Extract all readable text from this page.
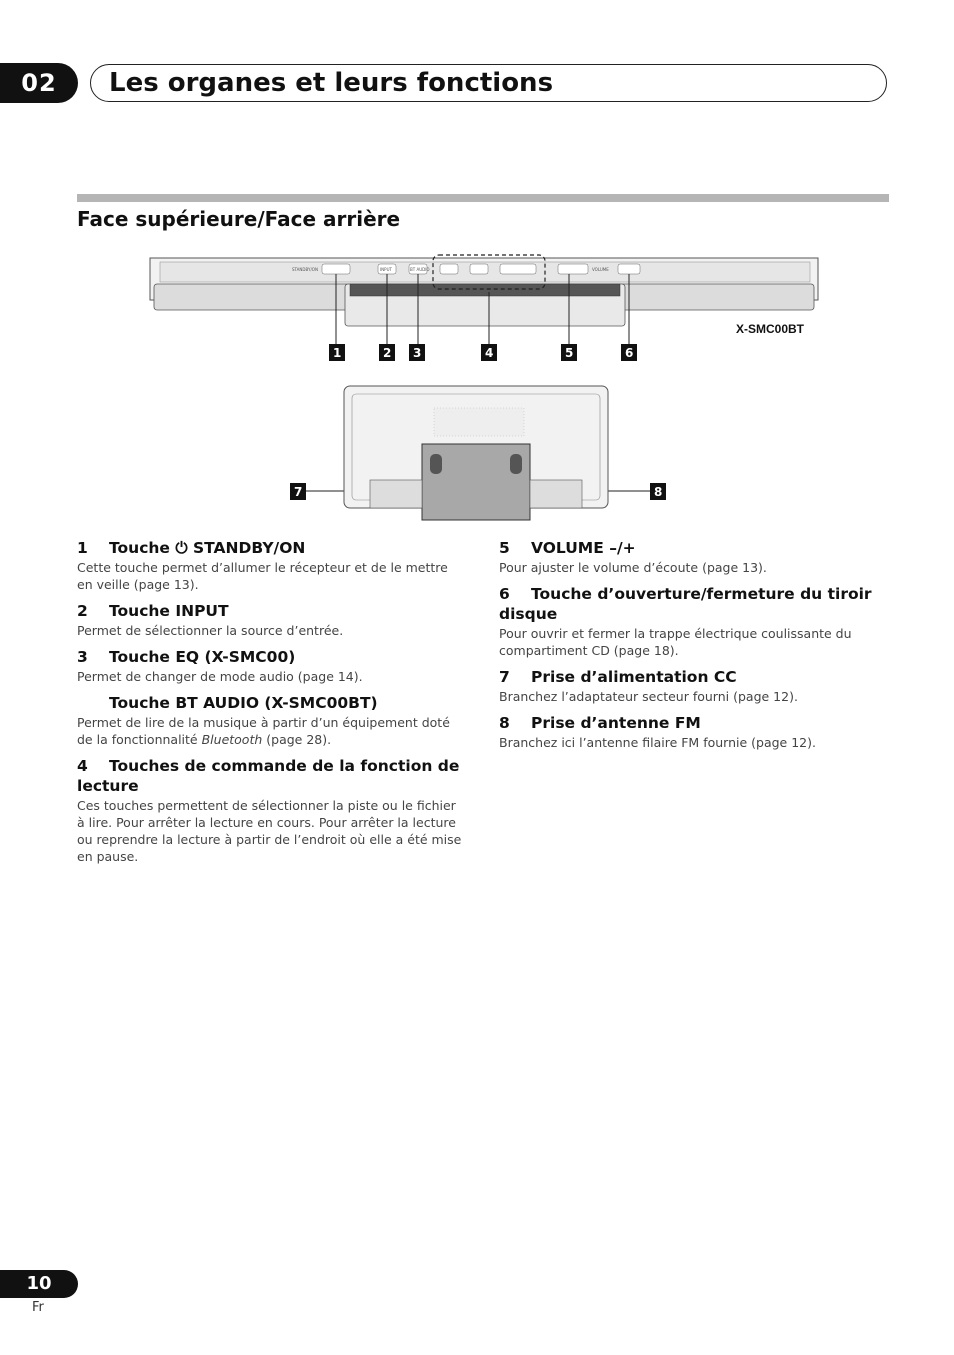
02	Les organes et leurs fonctions
Face supérieure/Face arrière
STANDBY/ON	INPUT	BT AUDIO	VOLUME
X-SMC00BT
1	2 3	4	5	6
7	8
1 Touche ⏻ STANDBY/ON
Cette touche permet d’allumer le récepteur et de le mettre en veille (page 13).
2 Touche INPUT
Permet de sélectionner la source d’entrée.
3 Touche EQ (X-SMC00)
Permet de changer de mode audio (page 14).
Touche BT AUDIO (X-SMC00BT)
Permet de lire de la musique à partir d’un équipement doté de la fonctionnalité Bluetooth (page 28).
4 Touches de commande de la fonction de lecture
Ces touches permettent de sélectionner la piste ou le fichier à lire. Pour arrêter la lecture en cours. Pour arrêter la lecture ou reprendre la lecture à partir de l’endroit où elle a été mise en pause.
5 VOLUME –/+
Pour ajuster le volume d’écoute (page 13).
6 Touche d’ouverture/fermeture du tiroir disque
Pour ouvrir et fermer la trappe électrique coulissante du compartiment CD (page 18).
7 Prise d’alimentation CC
Branchez l’adaptateur secteur fourni (page 12).
8 Prise d’antenne FM
Branchez ici l’antenne filaire FM fournie (page 12).
10
Fr
